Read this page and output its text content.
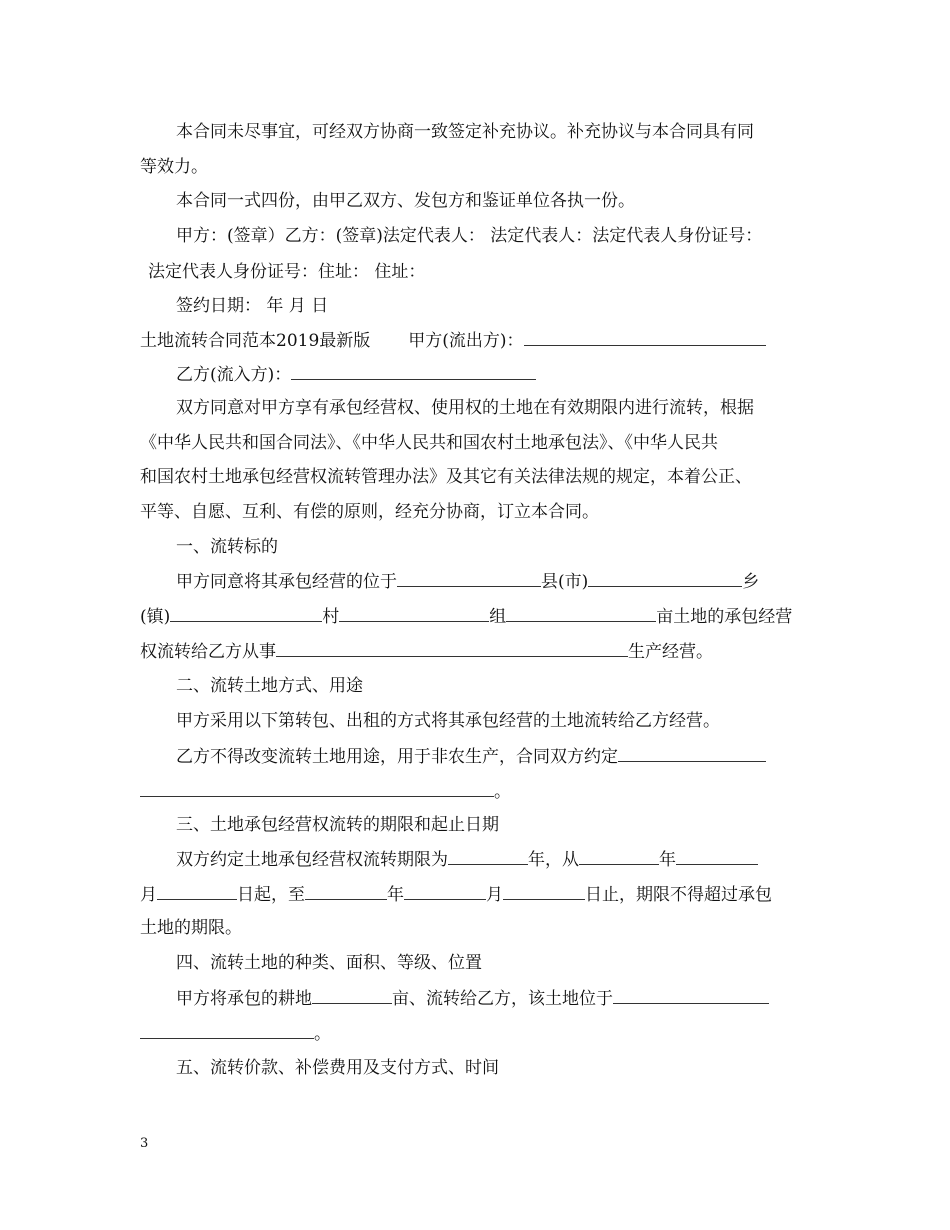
本合同未尽事宜，可经双方协商一致签定补充协议。补充协议与本合同具有同
等效力。
本合同一式四份，由甲乙双方、发包方和鉴证单位各执一份。
甲方：(签章）乙方：(签章)法定代表人： 法定代表人：法定代表人身份证号：
法定代表人身份证号：住址： 住址：
签约日期： 年 月 日
土地流转合同范本2019最新版 甲方(流出方)：
乙方(流入方)：
双方同意对甲方享有承包经营权、使用权的土地在有效期限内进行流转，根据
《中华人民共和国合同法》、《中华人民共和国农村土地承包法》、《中华人民共
和国农村土地承包经营权流转管理办法》及其它有关法律法规的规定，本着公正、
平等、自愿、互利、有偿的原则，经充分协商，订立本合同。
一、流转标的
甲方同意将其承包经营的位于	县(市)	乡
(镇)	村	组	亩土地的承包经营
权流转给乙方从事	生产经营。
二、流转土地方式、用途
甲方采用以下第转包、出租的方式将其承包经营的土地流转给乙方经营。
乙方不得改变流转土地用途，用于非农生产，合同双方约定
。
三、土地承包经营权流转的期限和起止日期
双方约定土地承包经营权流转期限为	年，从	年
月	日起，至	年	月	日止，期限不得超过承包
土地的期限。
四、流转土地的种类、面积、等级、位置
甲方将承包的耕地	亩、流转给乙方，该土地位于
。
五、流转价款、补偿费用及支付方式、时间
3
